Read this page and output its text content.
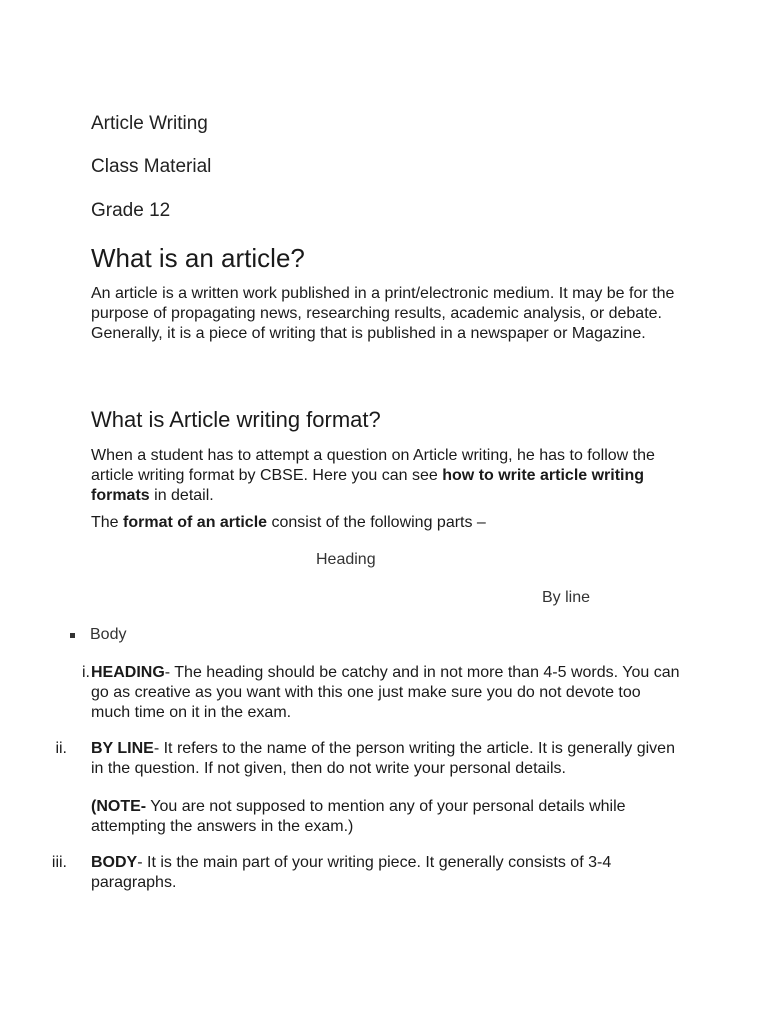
Article Writing

Class Material

Grade 12

What is an article?

An article is a written work published in a print/electronic medium. It may be for the purpose of propagating news, researching results, academic analysis, or debate. Generally, it is a piece of writing that is published in a newspaper or Magazine.

What is Article writing format?

When a student has to attempt a question on Article writing, he has to follow the article writing format by CBSE. Here you can see how to write article writing formats in detail.

The format of an article consist of the following parts –

Heading

By line

Body
i. HEADING- The heading should be catchy and in not more than 4-5 words. You can go as creative as you want with this one just make sure you do not devote too much time on it in the exam.

ii. BY LINE- It refers to the name of the person writing the article. It is generally given in the question. If not given, then do not write your personal details.

(NOTE- You are not supposed to mention any of your personal details while attempting the answers in the exam.)

iii. BODY- It is the main part of your writing piece. It generally consists of 3-4 paragraphs.
